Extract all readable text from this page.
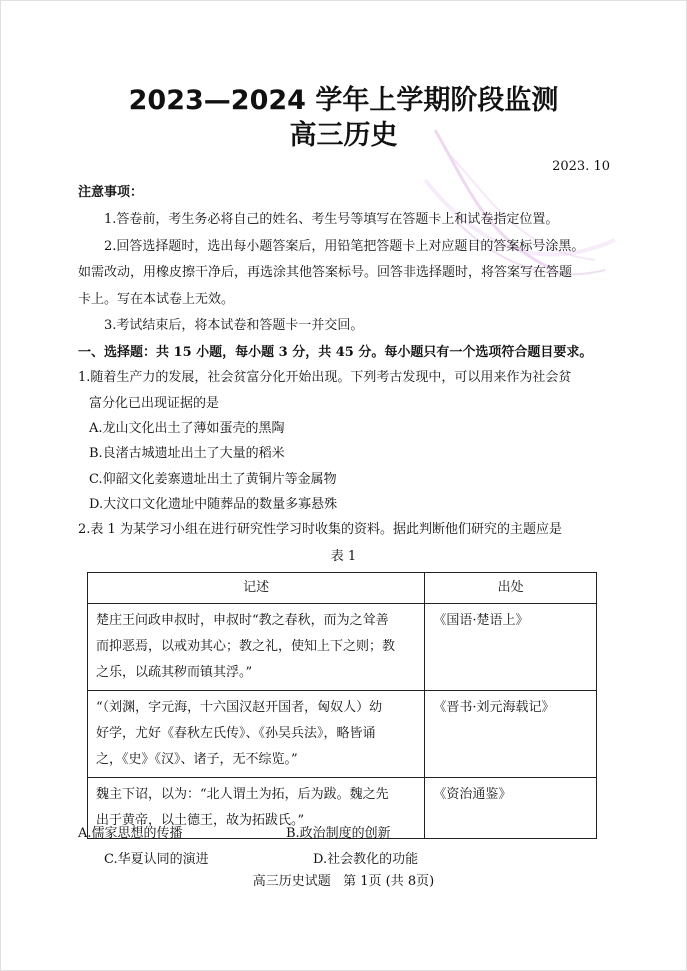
2023—2024 学年上学期阶段监测
高三历史
2023. 10
注意事项：
1.答卷前，考生务必将自己的姓名、考生号等填写在答题卡上和试卷指定位置。
2.回答选择题时，选出每小题答案后，用铅笔把答题卡上对应题目的答案标号涂黑。
如需改动，用橡皮擦干净后，再选涂其他答案标号。回答非选择题时，将答案写在答题
卡上。写在本试卷上无效。
3.考试结束后，将本试卷和答题卡一并交回。
一、选择题：共 15 小题，每小题 3 分，共 45 分。每小题只有一个选项符合题目要求。
1.随着生产力的发展，社会贫富分化开始出现。下列考古发现中，可以用来作为社会贫
富分化已出现证据的是
A.龙山文化出土了薄如蛋壳的黑陶
B.良渚古城遗址出土了大量的稻米
C.仰韶文化姜寨遗址出土了黄铜片等金属物
D.大汶口文化遗址中随葬品的数量多寡悬殊
2.表 1 为某学习小组在进行研究性学习时收集的资料。据此判断他们研究的主题应是
表 1
记述	出处

楚庄王问政申叔时，申叔时“教之春秋，而为之耸善
而抑恶焉，以戒劝其心；教之礼，使知上下之则；教
之乐，以疏其秽而镇其浮。”	《国语·楚语上》

“（刘渊，字元海，十六国汉赵开国者，匈奴人）幼
好学，尤好《春秋左氏传》、《孙吴兵法》，略皆诵
之，《史》《汉》、诸子，无不综览。”	《晋书·刘元海载记》

魏主下诏，以为：“北人谓土为拓，后为跋。魏之先
出于黄帝，以土德王，故为拓跋氏。”	《资治通鉴》
A.儒家思想的传播	B.政治制度的创新
C.华夏认同的演进	D.社会教化的功能
高三历史试题   第 1页 (共 8页)
